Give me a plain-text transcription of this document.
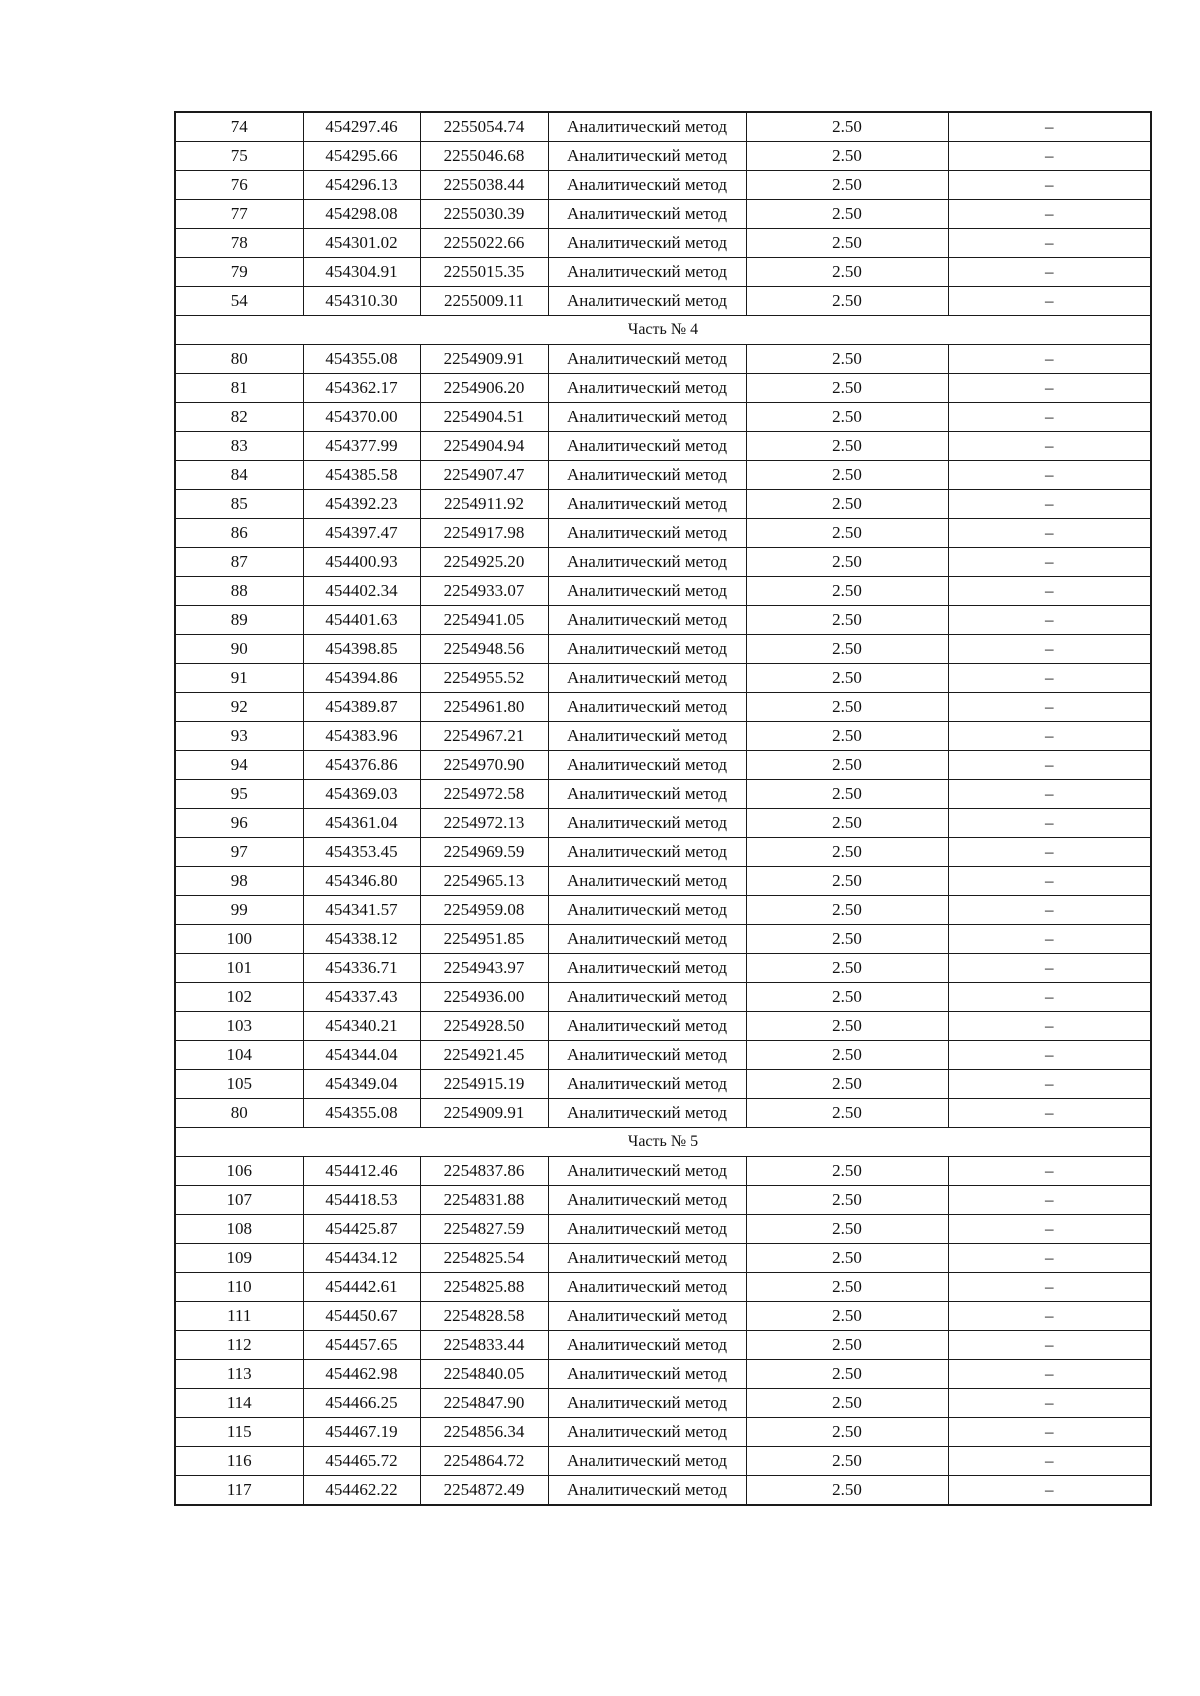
74	454297.46	2255054.74	Аналитический метод	2.50	–
75	454295.66	2255046.68	Аналитический метод	2.50	–
76	454296.13	2255038.44	Аналитический метод	2.50	–
77	454298.08	2255030.39	Аналитический метод	2.50	–
78	454301.02	2255022.66	Аналитический метод	2.50	–
79	454304.91	2255015.35	Аналитический метод	2.50	–
54	454310.30	2255009.11	Аналитический метод	2.50	–
Часть № 4					
80	454355.08	2254909.91	Аналитический метод	2.50	–
81	454362.17	2254906.20	Аналитический метод	2.50	–
82	454370.00	2254904.51	Аналитический метод	2.50	–
83	454377.99	2254904.94	Аналитический метод	2.50	–
84	454385.58	2254907.47	Аналитический метод	2.50	–
85	454392.23	2254911.92	Аналитический метод	2.50	–
86	454397.47	2254917.98	Аналитический метод	2.50	–
87	454400.93	2254925.20	Аналитический метод	2.50	–
88	454402.34	2254933.07	Аналитический метод	2.50	–
89	454401.63	2254941.05	Аналитический метод	2.50	–
90	454398.85	2254948.56	Аналитический метод	2.50	–
91	454394.86	2254955.52	Аналитический метод	2.50	–
92	454389.87	2254961.80	Аналитический метод	2.50	–
93	454383.96	2254967.21	Аналитический метод	2.50	–
94	454376.86	2254970.90	Аналитический метод	2.50	–
95	454369.03	2254972.58	Аналитический метод	2.50	–
96	454361.04	2254972.13	Аналитический метод	2.50	–
97	454353.45	2254969.59	Аналитический метод	2.50	–
98	454346.80	2254965.13	Аналитический метод	2.50	–
99	454341.57	2254959.08	Аналитический метод	2.50	–
100	454338.12	2254951.85	Аналитический метод	2.50	–
101	454336.71	2254943.97	Аналитический метод	2.50	–
102	454337.43	2254936.00	Аналитический метод	2.50	–
103	454340.21	2254928.50	Аналитический метод	2.50	–
104	454344.04	2254921.45	Аналитический метод	2.50	–
105	454349.04	2254915.19	Аналитический метод	2.50	–
80	454355.08	2254909.91	Аналитический метод	2.50	–
Часть № 5					
106	454412.46	2254837.86	Аналитический метод	2.50	–
107	454418.53	2254831.88	Аналитический метод	2.50	–
108	454425.87	2254827.59	Аналитический метод	2.50	–
109	454434.12	2254825.54	Аналитический метод	2.50	–
110	454442.61	2254825.88	Аналитический метод	2.50	–
111	454450.67	2254828.58	Аналитический метод	2.50	–
112	454457.65	2254833.44	Аналитический метод	2.50	–
113	454462.98	2254840.05	Аналитический метод	2.50	–
114	454466.25	2254847.90	Аналитический метод	2.50	–
115	454467.19	2254856.34	Аналитический метод	2.50	–
116	454465.72	2254864.72	Аналитический метод	2.50	–
117	454462.22	2254872.49	Аналитический метод	2.50	–
